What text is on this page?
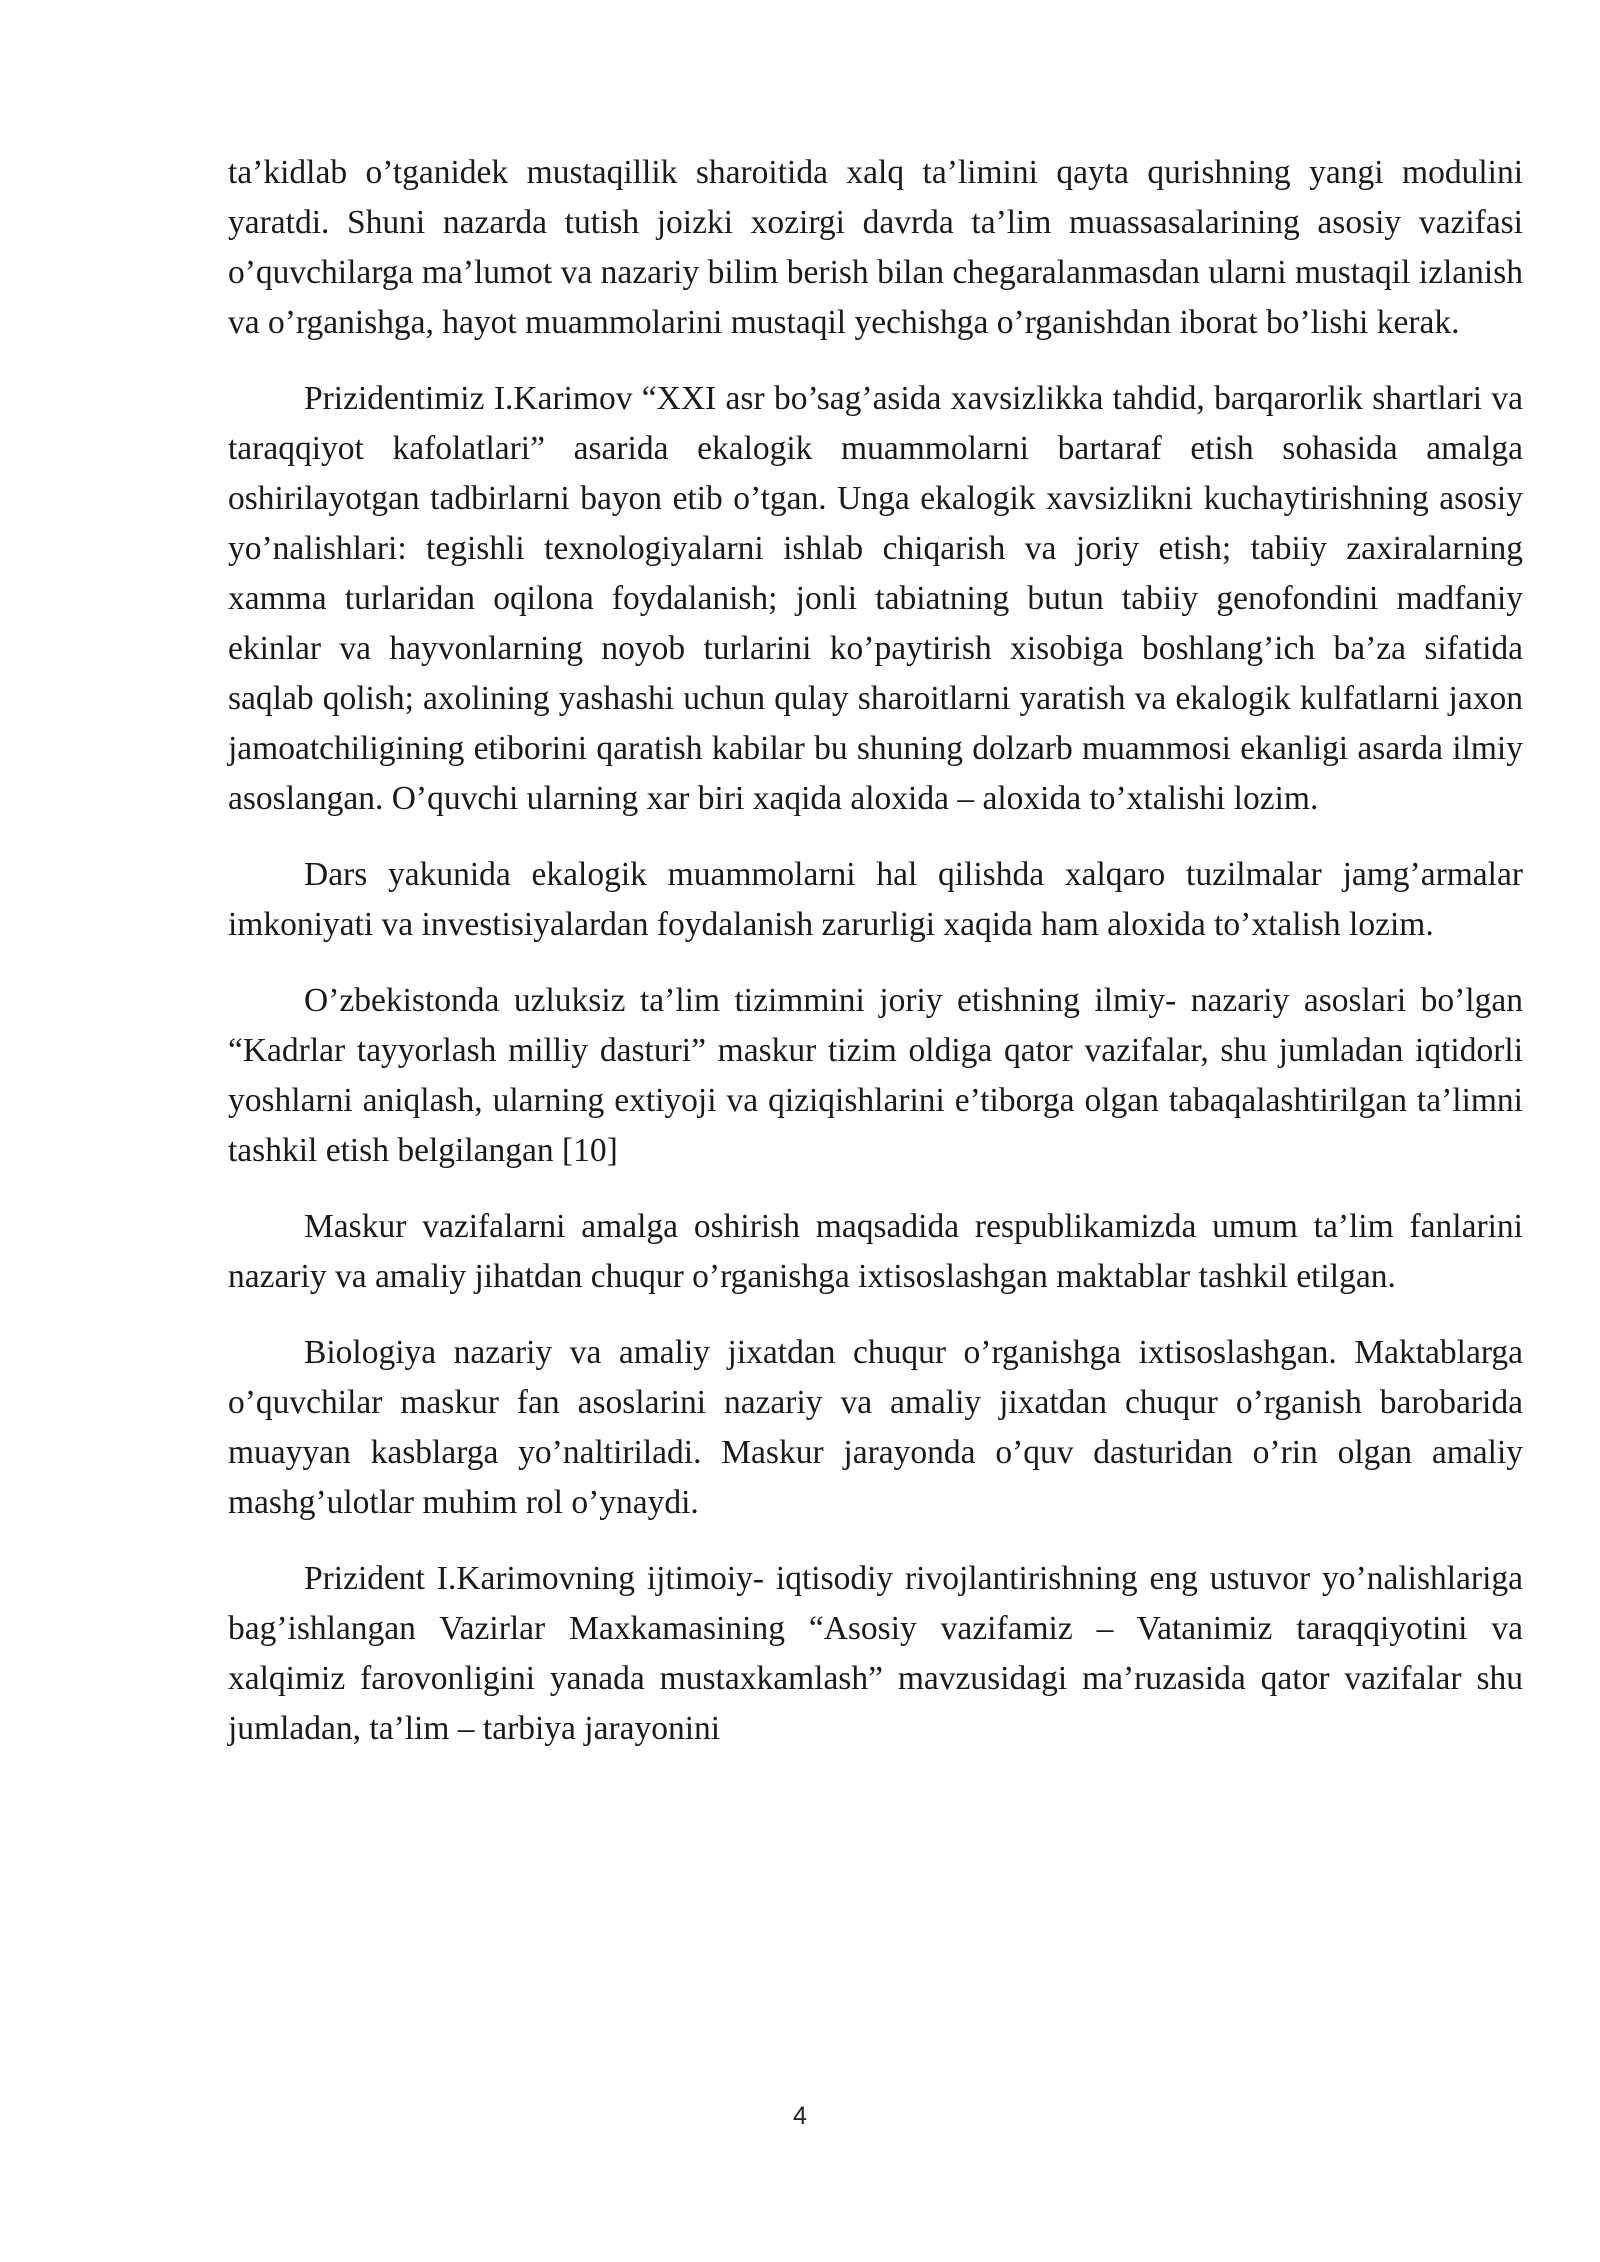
ta’kidlab o’tganidek mustaqillik sharoitida xalq ta’limini qayta qurishning yangi modulini yaratdi. Shuni nazarda tutish joizki xozirgi davrda ta’lim muassasalarining asosiy vazifasi o’quvchilarga ma’lumot va nazariy bilim berish bilan chegaralanmasdan ularni mustaqil izlanish va o’rganishga, hayot muammolarini mustaqil yechishga o’rganishdan iborat bo’lishi kerak.

Prizidentimiz I.Karimov “XXI asr bo’sag’asida xavsizlikka tahdid, barqarorlik shartlari va taraqqiyot kafolatlari” asarida ekalogik muammolarni bartaraf etish sohasida amalga oshirilayotgan tadbirlarni bayon etib o’tgan. Unga ekalogik xavsizlikni kuchaytirishning asosiy yo’nalishlari: tegishli texnologiyalarni ishlab chiqarish va joriy etish; tabiiy zaxiralarning xamma turlaridan oqilona foydalanish; jonli tabiatning butun tabiiy genofondini madfaniy ekinlar va hayvonlarning noyob turlarini ko’paytirish xisobiga boshlang’ich ba’za sifatida saqlab qolish; axolining yashashi uchun qulay sharoitlarni yaratish va ekalogik kulfatlarni jaxon jamoatchiligining etiborini qaratish kabilar bu shuning dolzarb muammosi ekanligi asarda ilmiy asoslangan. O’quvchi ularning xar biri xaqida aloxida – aloxida to’xtalishi lozim.

Dars yakunida ekalogik muammolarni hal qilishda xalqaro tuzilmalar jamg’armalar imkoniyati va investisiyalardan foydalanish zarurligi xaqida ham aloxida to’xtalish lozim.

O’zbekistonda uzluksiz ta’lim tizimmini joriy etishning ilmiy- nazariy asoslari bo’lgan “Kadrlar tayyorlash milliy dasturi” maskur tizim oldiga qator vazifalar, shu jumladan iqtidorli yoshlarni aniqlash, ularning extiyoji va qiziqishlarini e’tiborga olgan tabaqalashtirilgan ta’limni tashkil etish belgilangan [10]

Maskur vazifalarni amalga oshirish maqsadida respublikamizda umum ta’lim fanlarini nazariy va amaliy jihatdan chuqur o’rganishga ixtisoslashgan maktablar tashkil etilgan.

Biologiya nazariy va amaliy jixatdan chuqur o’rganishga ixtisoslashgan. Maktablarga o’quvchilar maskur fan asoslarini nazariy va amaliy jixatdan chuqur o’rganish barobarida muayyan kasblarga yo’naltiriladi. Maskur jarayonda o’quv dasturidan o’rin olgan amaliy mashg’ulotlar muhim rol o’ynaydi.

Prizident I.Karimovning ijtimoiy- iqtisodiy rivojlantirishning eng ustuvor yo’nalishlariga bag’ishlangan Vazirlar Maxkamasining “Asosiy vazifamiz – Vatanimiz taraqqiyotini va xalqimiz farovonligini yanada mustaxkamlash” mavzusidagi ma’ruzasida qator vazifalar shu jumladan, ta’lim – tarbiya jarayonini

4
